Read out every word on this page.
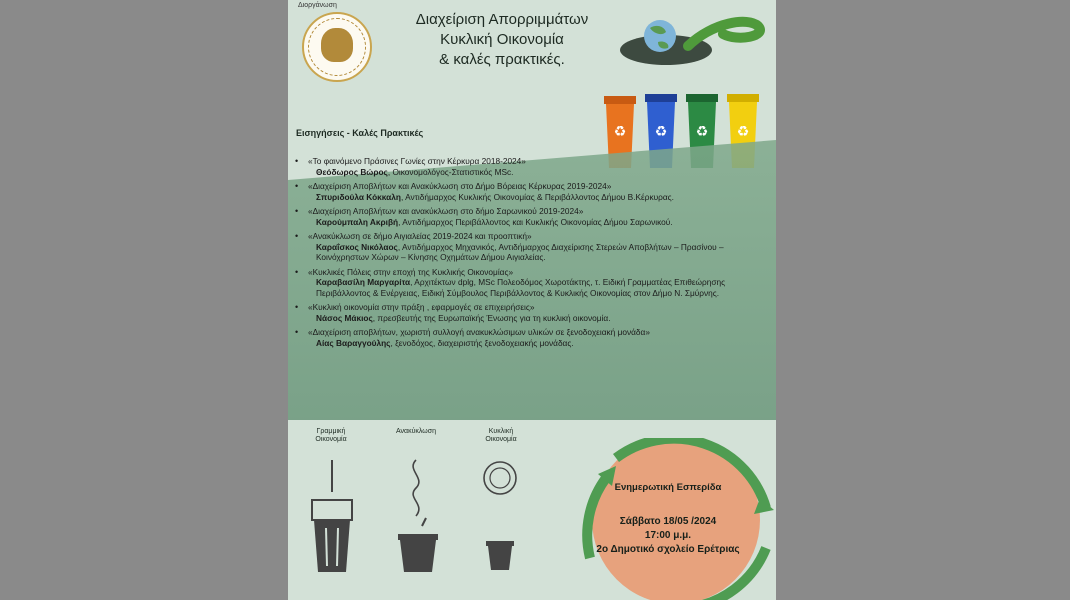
Διοργάνωση
Διαχείριση Απορριμμάτων
Κυκλική Οικονομία
& καλές πρακτικές.
♻ ♻ ♻ ♻
Εισηγήσεις - Καλές Πρακτικές
• «Το φαινόμενο Πράσινες Γωνίες στην Κέρκυρα 2018-2024»
Θεόδωρος Βώρος, Οικονομολόγος-Στατιστικός MSc.
• «Διαχείριση Αποβλήτων και Ανακύκλωση στο Δήμο Βόρειας Κέρκυρας 2019-2024»
Σπυριδούλα Κόκκαλη, Αντιδήμαρχος Κυκλικής Οικονομίας & Περιβάλλοντος Δήμου Β.Κέρκυρας.
• «Διαχείριση Αποβλήτων και ανακύκλωση στο δήμο Σαρωνικού 2019-2024»
Καρούμπαλη Ακριβή, Αντιδήμαρχος Περιβάλλοντος και Κυκλικής Οικονομίας Δήμου Σαρωνικού.
• «Ανακύκλωση σε δήμο Αιγιαλείας 2019-2024 και προοπτική»
Καραΐσκος Νικόλαος, Αντιδήμαρχος Μηχανικός, Αντιδήμαρχος Διαχείρισης Στερεών Αποβλήτων – Πρασίνου – Κοινόχρηστων Χώρων – Κίνησης Οχημάτων Δήμου Αιγιαλείας.
• «Κυκλικές Πόλεις στην εποχή της Κυκλικής Οικονομίας»
Καραβασίλη Μαργαρίτα, Αρχιτέκτων dplg, MSc Πολεοδόμος Χωροτάκτης, τ. Ειδική Γραμματέας Επιθεώρησης Περιβάλλοντος & Ενέργειας, Ειδική Σύμβουλος Περιβάλλοντος & Κυκλικής Οικονομίας στον Δήμο Ν. Σμύρνης.
• «Κυκλική οικονομία στην πράξη , εφαρμογές σε επιχειρήσεις»
Νάσος Μάκιος, πρεσβευτής της Ευρωπαϊκής Ένωσης για τη κυκλική οικονομία.
• «Διαχείριση αποβλήτων, χωριστή συλλογή ανακυκλώσιμων υλικών σε ξενοδοχειακή μονάδα»
Αίας Βαραγγούλης, ξενοδόχος, διαχειριστής ξενοδοχειακής μονάδας.
Γραμμική
Οικονομία
Ανακύκλωση	Κυκλική
Οικονομία
Ενημερωτική Εσπερίδα
Σάββατο 18/05 /2024
17:00 μ.μ.
2ο Δημοτικό σχολείο Ερέτριας
